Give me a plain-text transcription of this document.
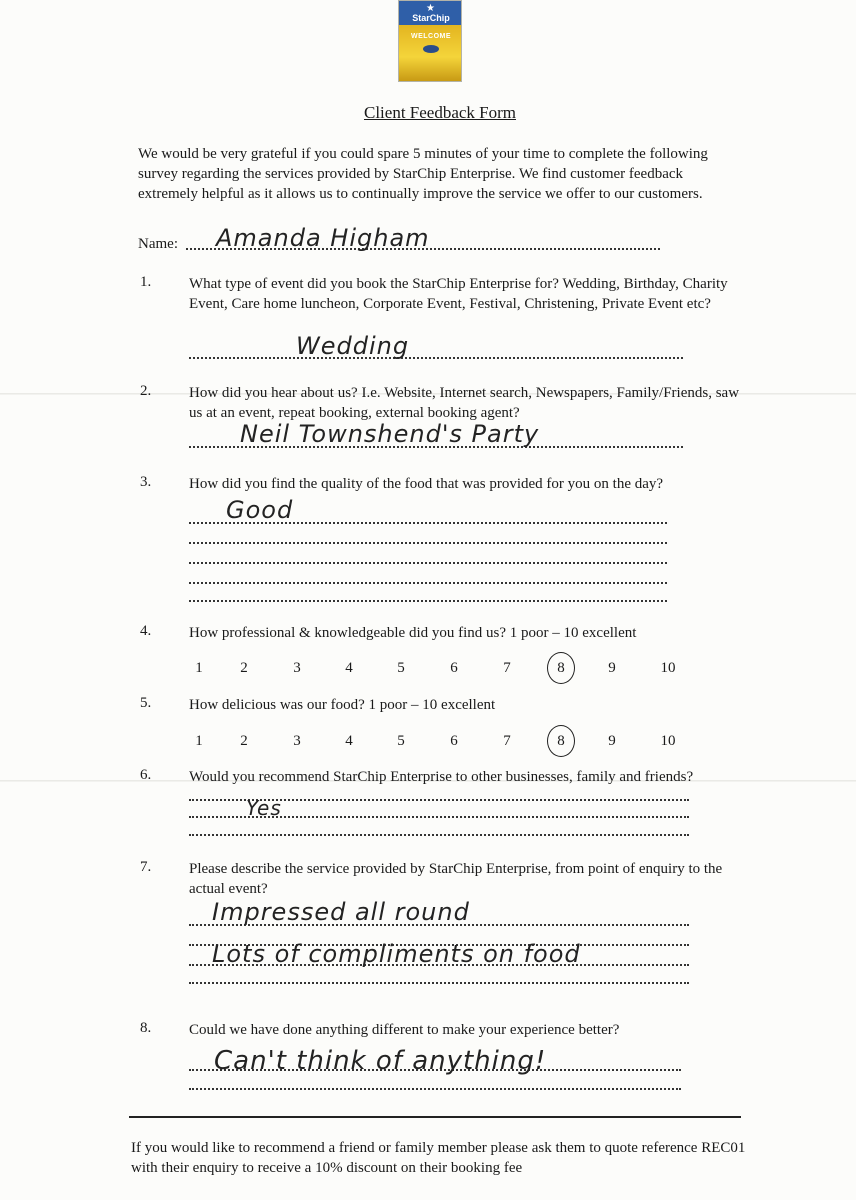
★
StarChip
WELCOME
Client Feedback Form
We would be very grateful if you could spare 5 minutes of your time to complete the following survey regarding the services provided by StarChip Enterprise. We find customer feedback extremely helpful as it allows us to continually improve the service we offer to our customers.
Name: Amanda Higham
1.	What type of event did you book the StarChip Enterprise for? Wedding, Birthday, Charity Event, Care home luncheon, Corporate Event, Festival, Christening, Private Event etc?
Wedding
2.	How did you hear about us? I.e. Website, Internet search, Newspapers, Family/Friends, saw us at an event, repeat booking, external booking agent?
Neil Townshend's Party
3.	How did you find the quality of the food that was provided for you on the day?
Good
4.	How professional & knowledgeable did you find us? 1 poor – 10 excellent
1	2	3	4	5	6	7	8	9	10
5.	How delicious was our food? 1 poor – 10 excellent
1	2	3	4	5	6	7	8	9	10
6.	Would you recommend StarChip Enterprise to other businesses, family and friends?
Yes
7.	Please describe the service provided by StarChip Enterprise, from point of enquiry to the actual event?
Impressed all round
Lots of compliments on food
8.	Could we have done anything different to make your experience better?
Can't think of anything!
If you would like to recommend a friend or family member please ask them to quote reference REC01 with their enquiry to receive a 10% discount on their booking fee
